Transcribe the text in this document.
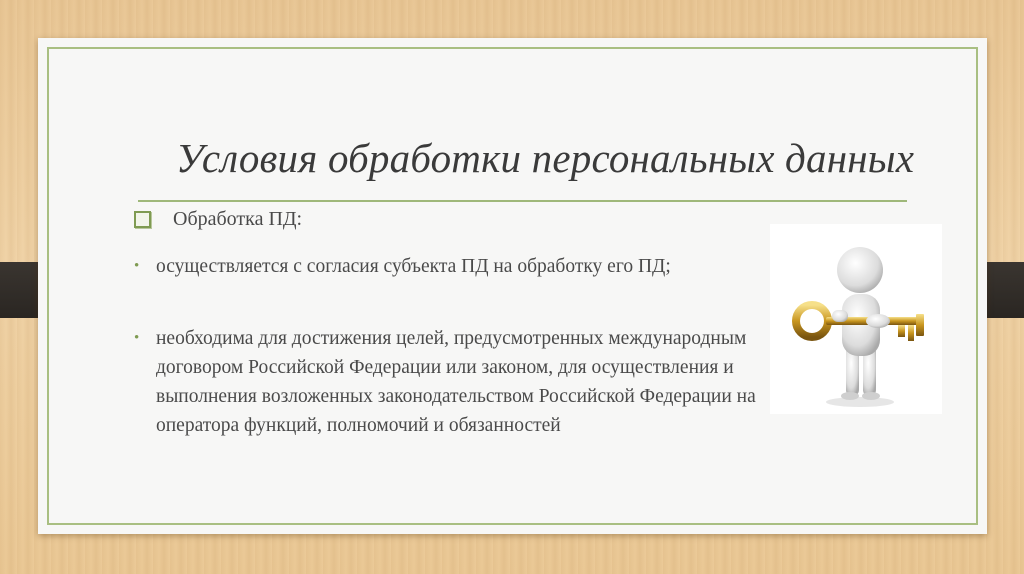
Условия обработки персональных данных
Обработка ПД:
• осуществляется с согласия субъекта ПД на обработку его ПД;
• необходима для достижения целей, предусмотренных международным договором Российской Федерации или законом, для осуществления и выполнения возложенных законодательством Российской Федерации на оператора функций, полномочий и обязанностей
